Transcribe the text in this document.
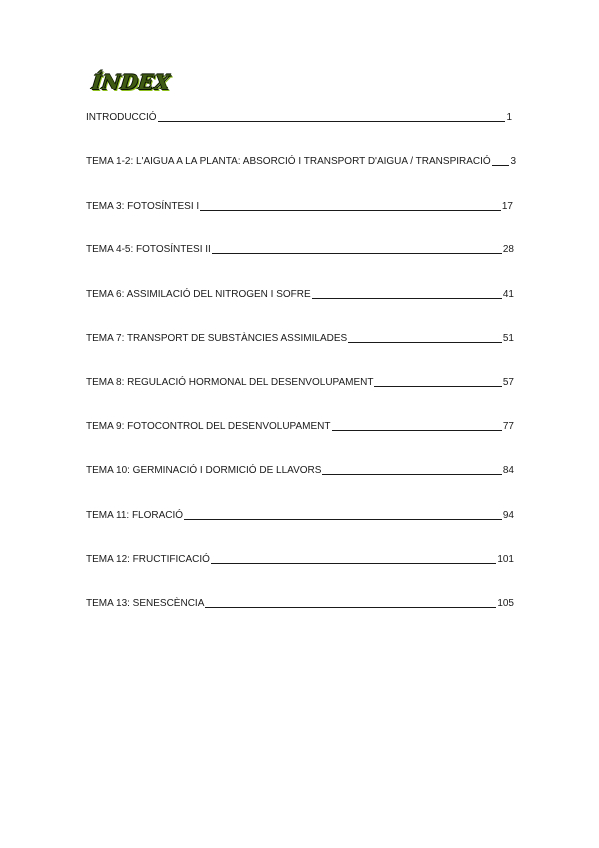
ÍNDEX
INTRODUCCIÓ	1
TEMA 1-2: L'AIGUA A LA PLANTA: ABSORCIÓ I TRANSPORT D'AIGUA / TRANSPIRACIÓ 3
TEMA 3: FOTOSÍNTESI I	17
TEMA 4-5: FOTOSÍNTESI II	28
TEMA 6: ASSIMILACIÓ DEL NITROGEN I SOFRE	41
TEMA 7: TRANSPORT DE SUBSTÀNCIES ASSIMILADES	51
TEMA 8: REGULACIÓ HORMONAL DEL DESENVOLUPAMENT	57
TEMA 9: FOTOCONTROL DEL DESENVOLUPAMENT	77
TEMA 10: GERMINACIÓ I DORMICIÓ DE LLAVORS	84
TEMA 11: FLORACIÓ	94
TEMA 12: FRUCTIFICACIÓ	101
TEMA 13: SENESCÈNCIA	105
